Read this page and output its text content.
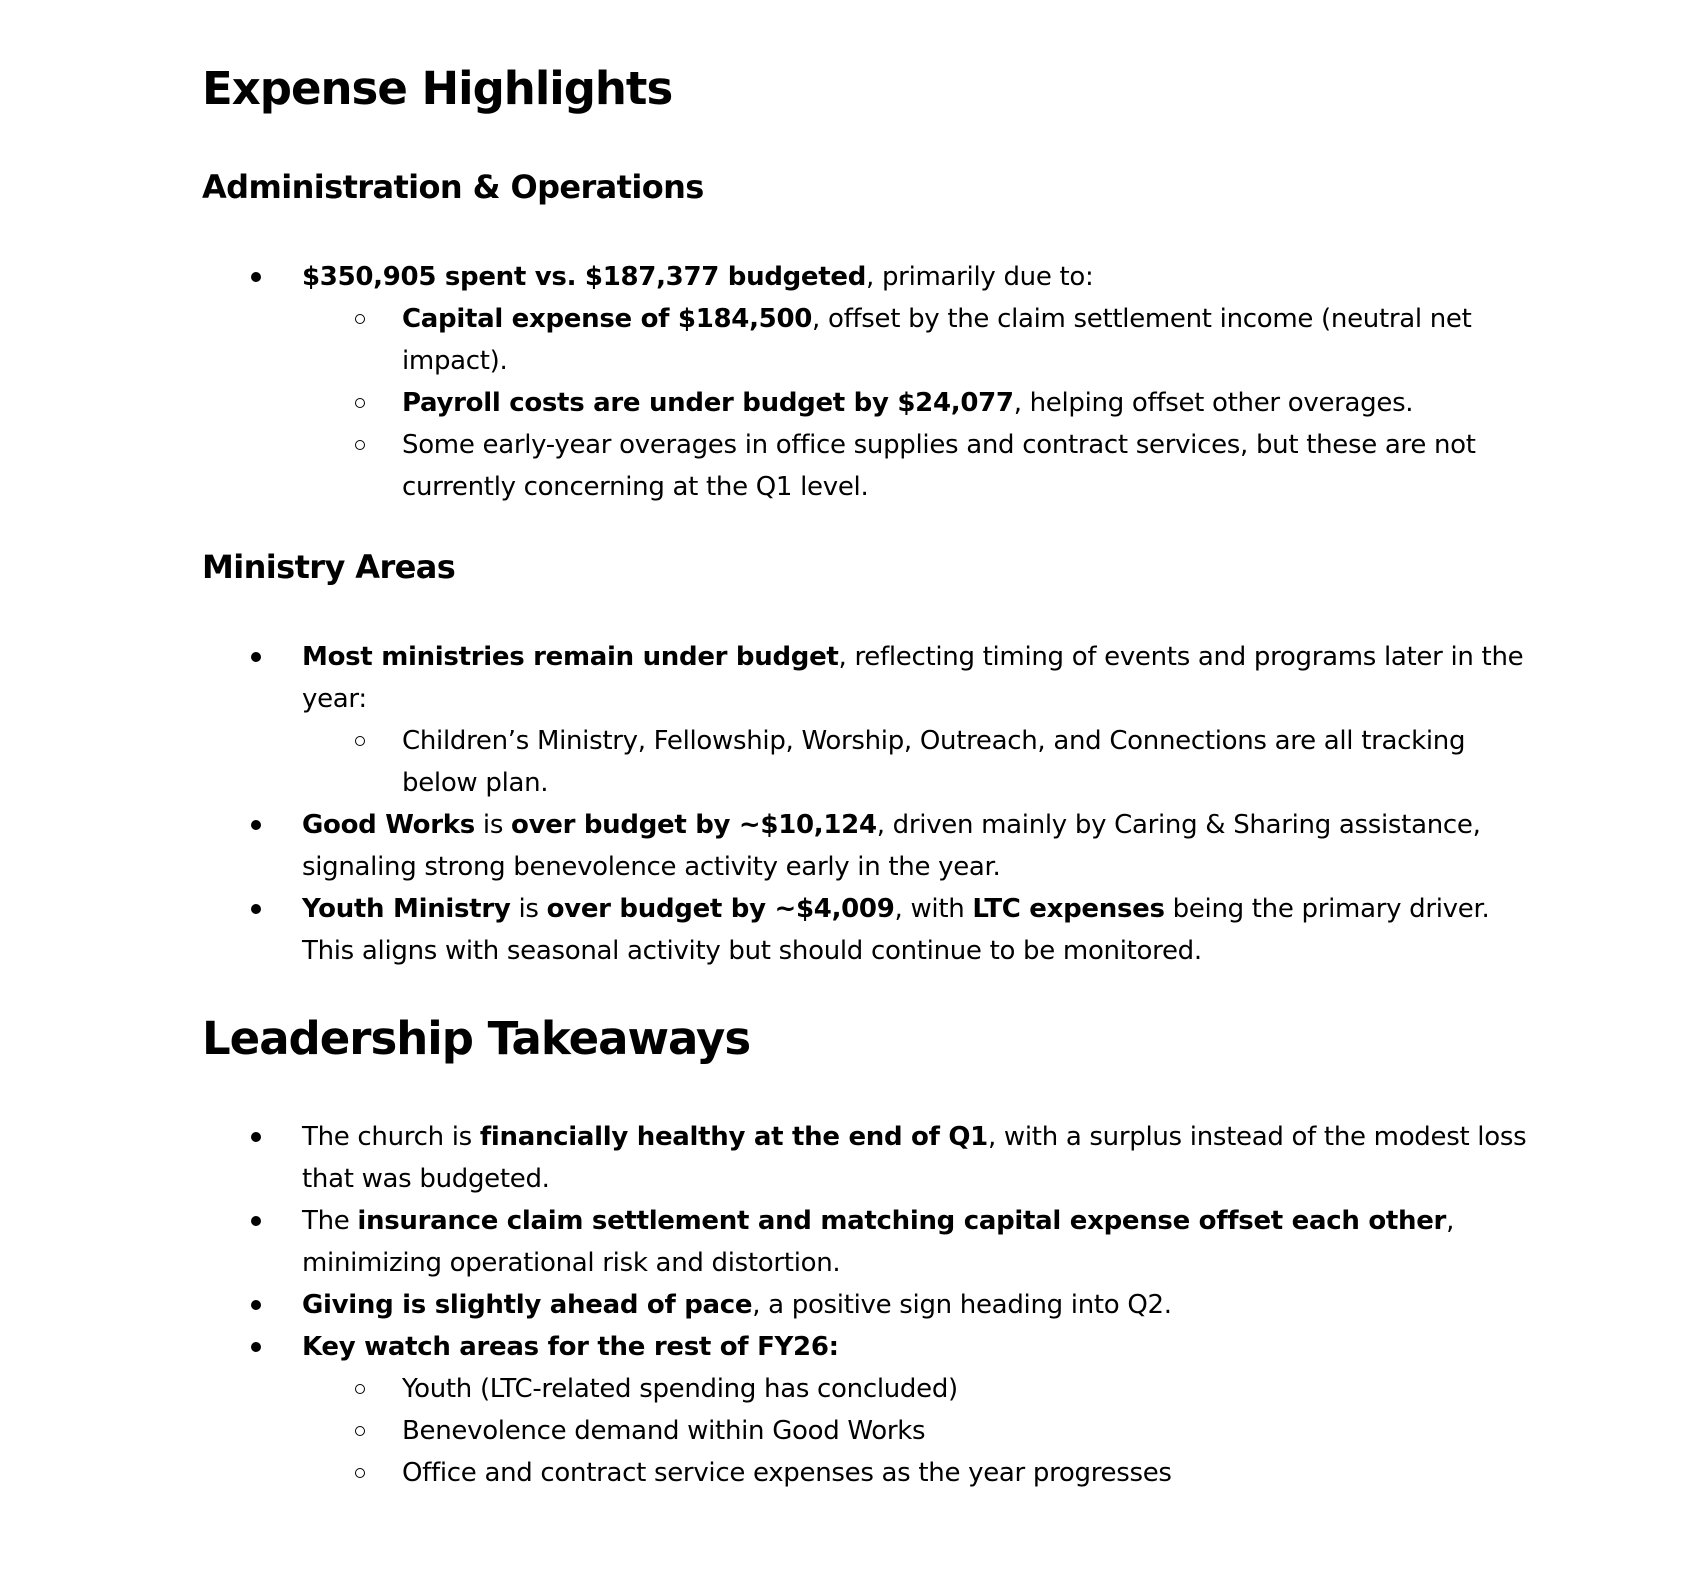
Expense Highlights
Administration & Operations
$350,905 spent vs. $187,377 budgeted, primarily due to:
Capital expense of $184,500, offset by the claim settlement income (neutral net
impact).
Payroll costs are under budget by $24,077, helping offset other overages.
Some early-year overages in office supplies and contract services, but these are not
currently concerning at the Q1 level.
Ministry Areas
Most ministries remain under budget, reflecting timing of events and programs later in the
year:
Children’s Ministry, Fellowship, Worship, Outreach, and Connections are all tracking
below plan.
Good Works is over budget by ~$10,124, driven mainly by Caring & Sharing assistance,
signaling strong benevolence activity early in the year.
Youth Ministry is over budget by ~$4,009, with LTC expenses being the primary driver.
This aligns with seasonal activity but should continue to be monitored.
Leadership Takeaways
The church is financially healthy at the end of Q1, with a surplus instead of the modest loss
that was budgeted.
The insurance claim settlement and matching capital expense offset each other,
minimizing operational risk and distortion.
Giving is slightly ahead of pace, a positive sign heading into Q2.
Key watch areas for the rest of FY26:
Youth (LTC-related spending has concluded)
Benevolence demand within Good Works
Office and contract service expenses as the year progresses
